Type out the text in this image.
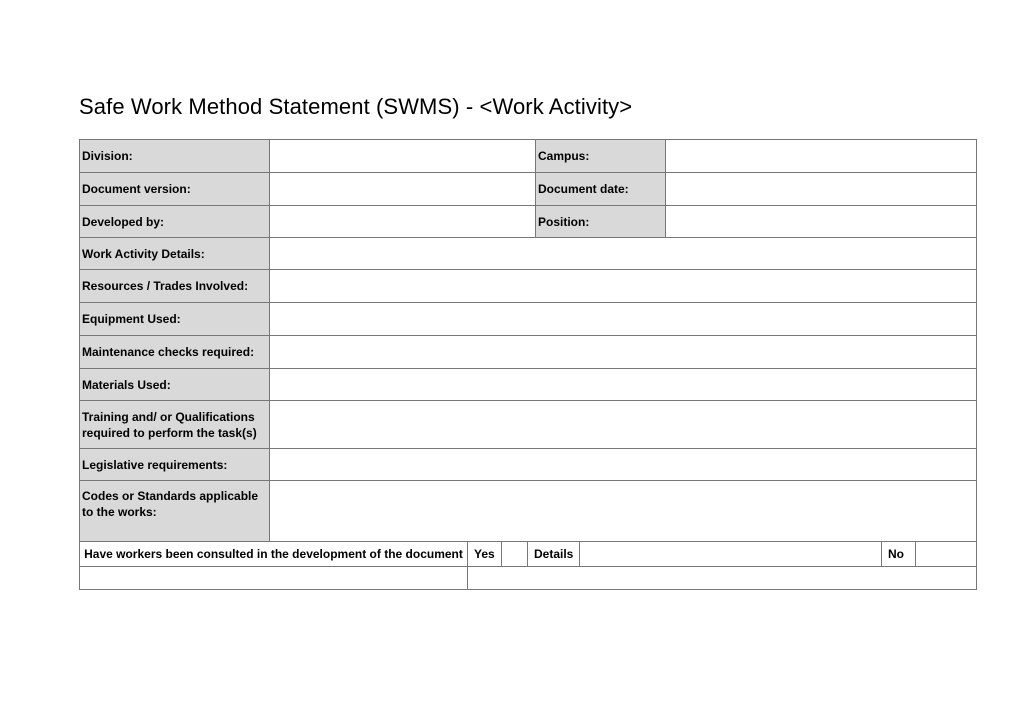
Safe Work Method Statement (SWMS) - <Work Activity>
Division:	Campus:
Document version:	Document date:
Developed by:	Position:
Work Activity Details:
Resources / Trades Involved:
Equipment Used:
Maintenance checks required:
Materials Used:
Training and/ or Qualifications required to perform the task(s)
Legislative requirements:
Codes or Standards applicable to the works:
Have workers been consulted in the development of the document Yes	Details	No
